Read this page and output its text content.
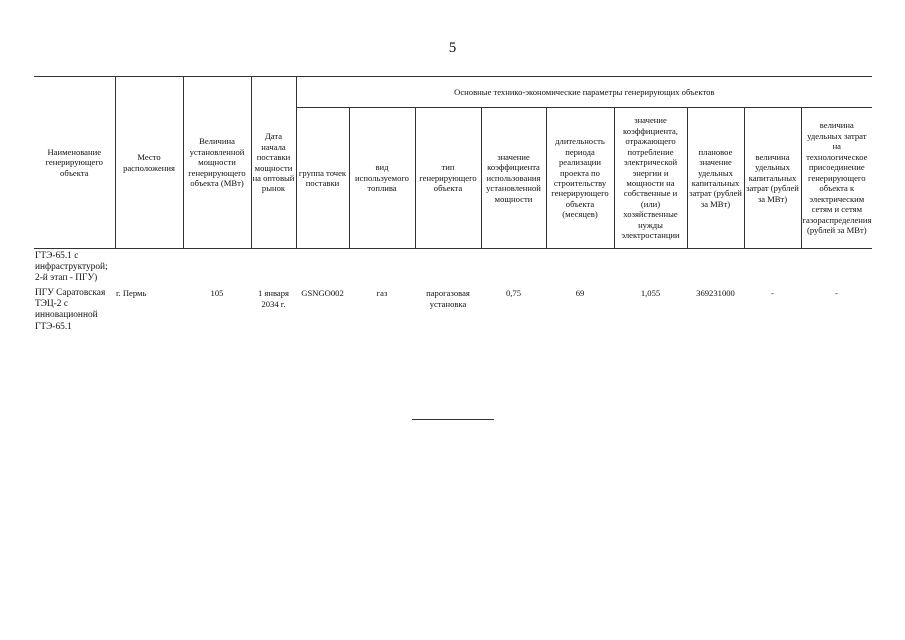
5
Наименование генерирующего объекта	Место расположения	Величина установленной мощности генерирующего объекта (МВт)	Дата начала поставки мощности на оптовый рынок	Основные технико-экономические параметры генерирующих объектов								
				группа точек поставки	вид используемого топлива	тип генерирующего объекта	значение коэффициента использования установленной мощности	длительность периода реализации проекта по строительству генерирующего объекта (месяцев)	значение коэффициента, отражающего потребление электрической энергии и мощности на собственные и (или) хозяйственные нужды электростанции	плановое значение удельных капитальных затрат (рублей за МВт)	величина удельных капитальных затрат (рублей за МВт)	величина удельных затрат на технологическое присоединение генерирующего объекта к электрическим сетям и сетям газораспределения (рублей за МВт)
ГТЭ-65.1 с инфраструктурой; 2-й этап - ПГУ)												
ПГУ Саратовская ТЭЦ-2 с инновационной ГТЭ-65.1	г. Пермь	105	1 января 2034 г.	GSNGO002	газ	парогазовая установка	0,75	69	1,055	369231000	-	-
